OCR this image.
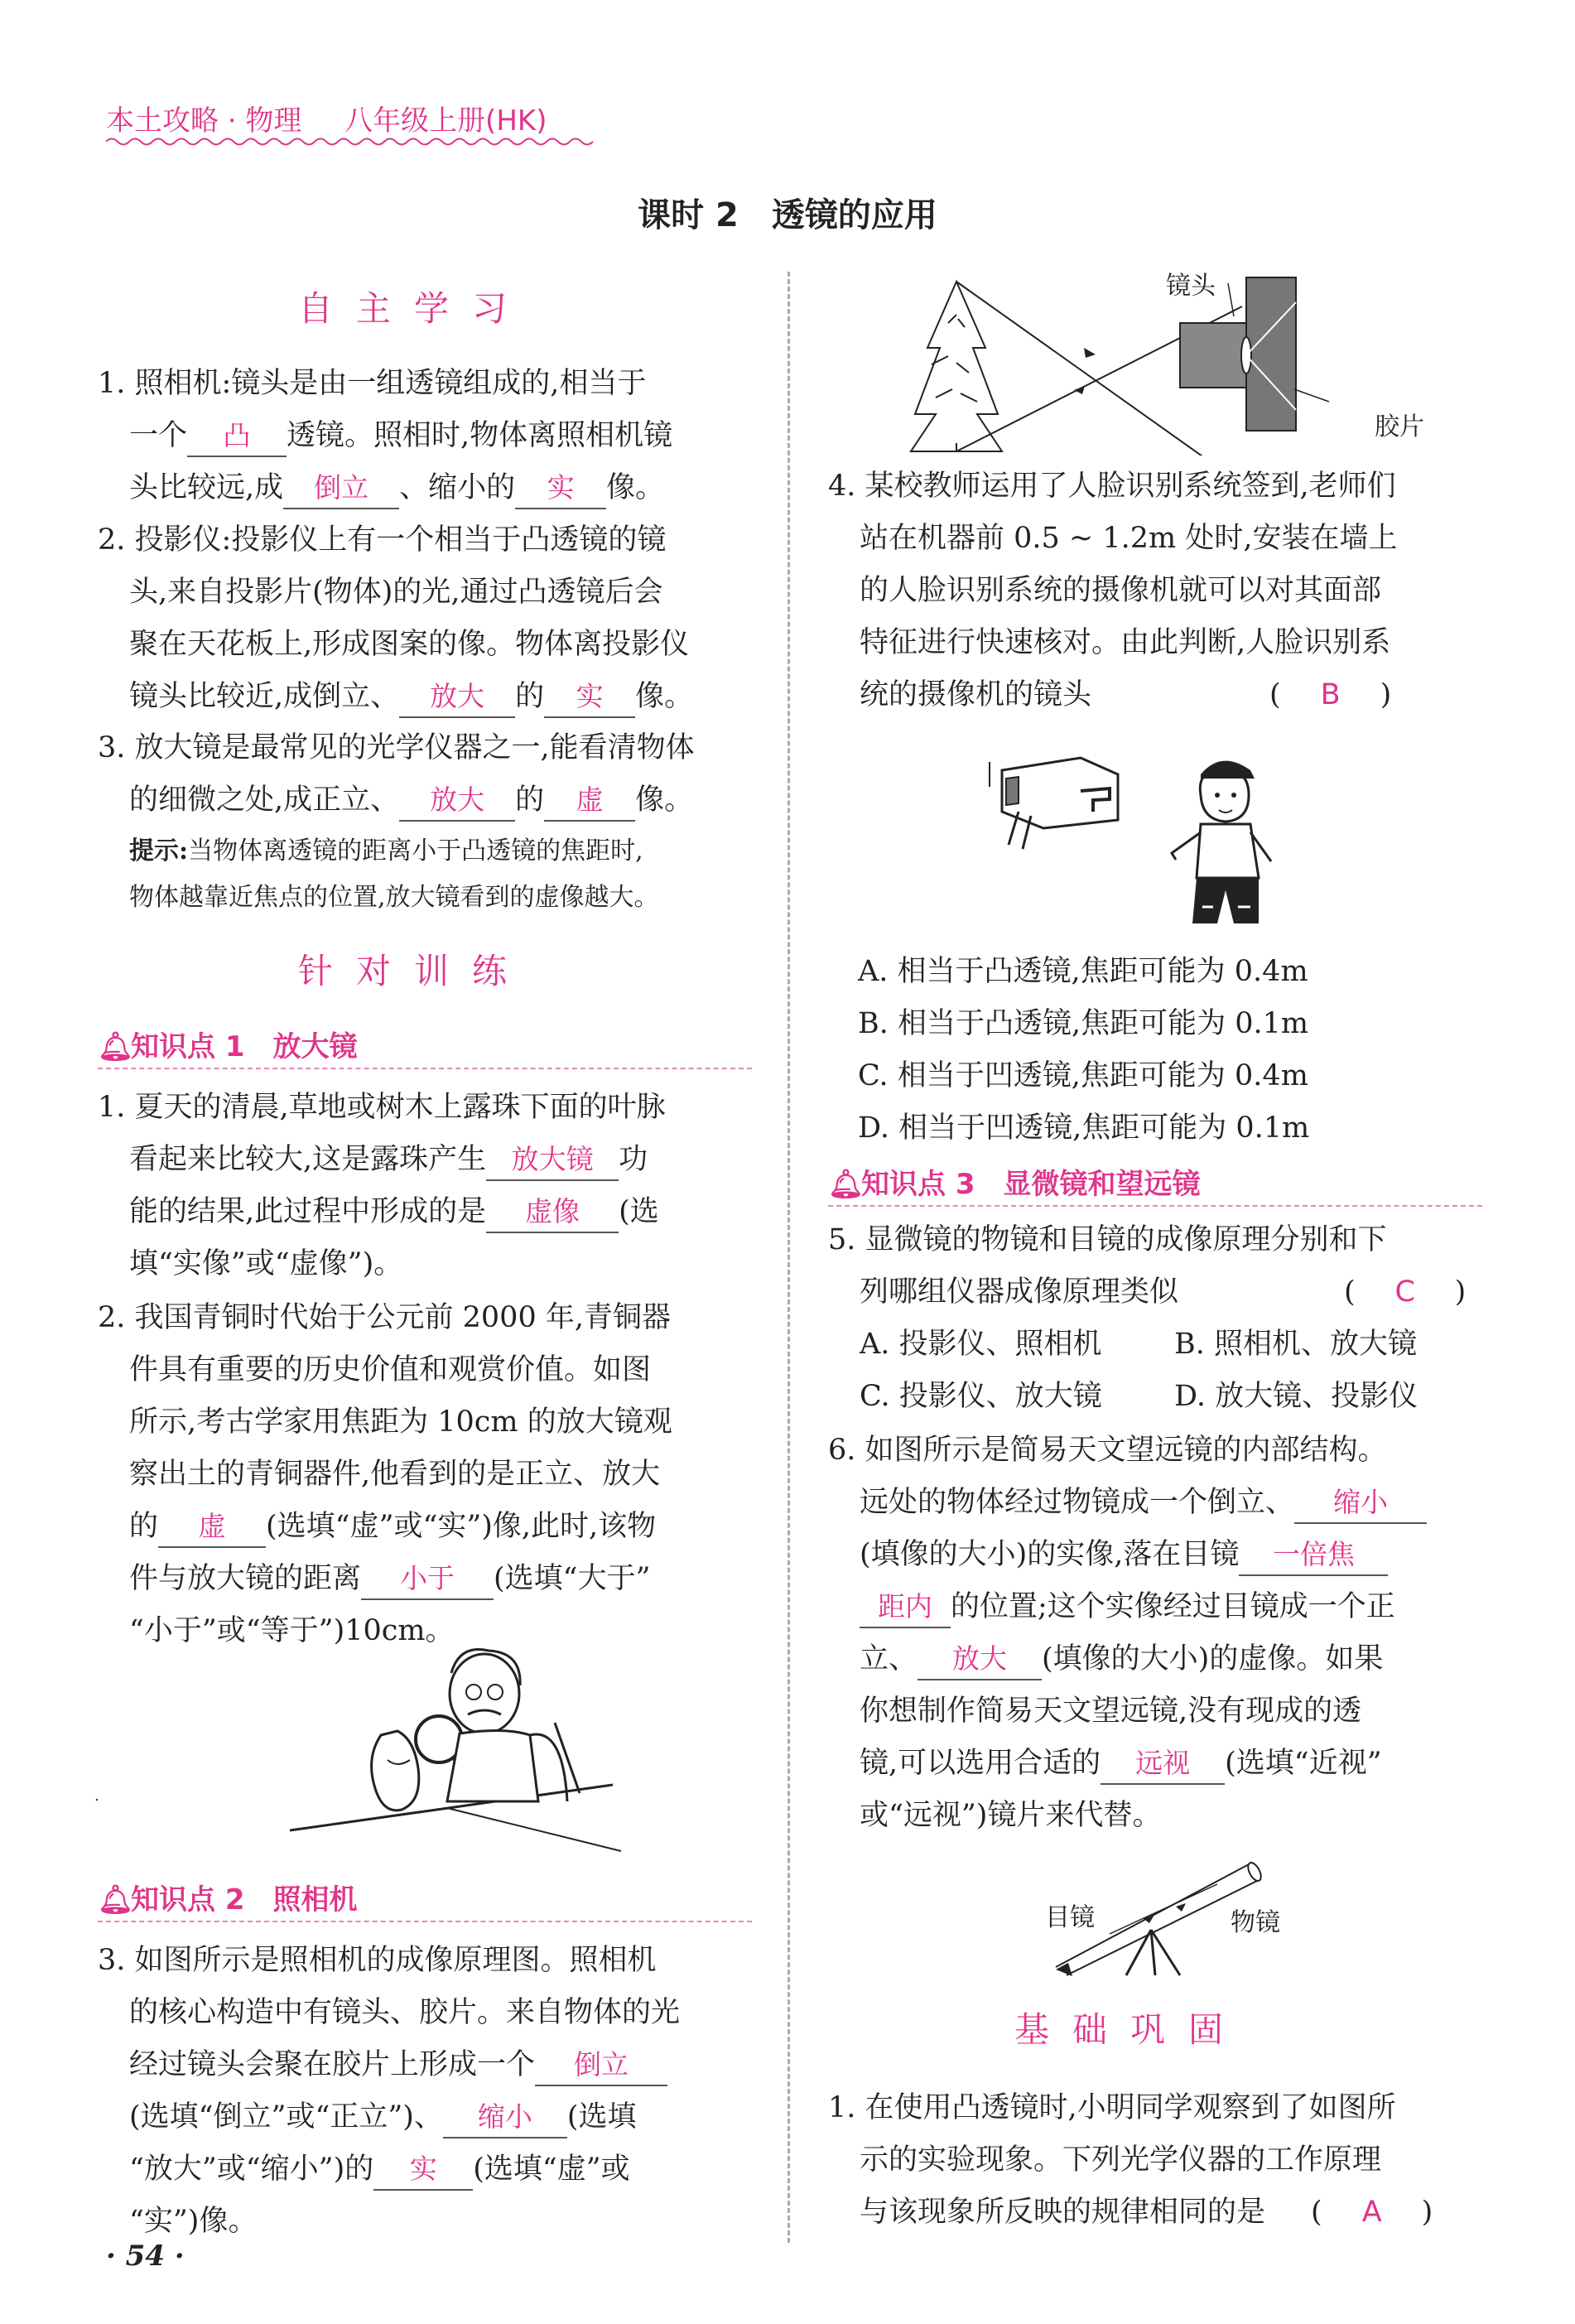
本土攻略 · 物理 八年级上册(HK)
课时 2　透镜的应用
自主学习
1. 照相机:镜头是由一组透镜组成的,相当于
一个 凸 透镜。照相时,物体离照相机镜
头比较远,成 倒立 、缩小的 实 像。
2. 投影仪:投影仪上有一个相当于凸透镜的镜
头,来自投影片(物体)的光,通过凸透镜后会
聚在天花板上,形成图案的像。物体离投影仪
镜头比较近,成倒立、 放大 的 实 像。
3. 放大镜是最常见的光学仪器之一,能看清物体
的细微之处,成正立、 放大 的 虚 像。
提示:当物体离透镜的距离小于凸透镜的焦距时,
物体越靠近焦点的位置,放大镜看到的虚像越大。
针对训练
🔔︎知识点 1　放大镜
1. 夏天的清晨,草地或树木上露珠下面的叶脉
看起来比较大,这是露珠产生 放大镜 功
能的结果,此过程中形成的是 虚像 (选
填“实像”或“虚像”)。
2. 我国青铜时代始于公元前 2000 年,青铜器
件具有重要的历史价值和观赏价值。如图
所示,考古学家用焦距为 10cm 的放大镜观
察出土的青铜器件,他看到的是正立、放大
的 虚 (选填“虚”或“实”)像,此时,该物
件与放大镜的距离 小于 (选填“大于”
“小于”或“等于”)10cm。
.
🔔︎知识点 2　照相机
3. 如图所示是照相机的成像原理图。照相机
的核心构造中有镜头、胶片。来自物体的光
经过镜头会聚在胶片上形成一个 倒立
(选填“倒立”或“正立”)、 缩小 (选填
“放大”或“缩小”)的 实 (选填“虚”或
“实”)像。
· 54 ·
镜头
胶片
4. 某校教师运用了人脸识别系统签到,老师们
站在机器前 0.5 ~ 1.2m 处时,安装在墙上
的人脸识别系统的摄像机就可以对其面部
特征进行快速核对。由此判断,人脸识别系
统的摄像机的镜头	( B )
A. 相当于凸透镜,焦距可能为 0.4m
B. 相当于凸透镜,焦距可能为 0.1m
C. 相当于凹透镜,焦距可能为 0.4m
D. 相当于凹透镜,焦距可能为 0.1m
🔔︎知识点 3　显微镜和望远镜
5. 显微镜的物镜和目镜的成像原理分别和下
列哪组仪器成像原理类似	( C )
A. 投影仪、照相机 B. 照相机、放大镜
C. 投影仪、放大镜 D. 放大镜、投影仪
6. 如图所示是简易天文望远镜的内部结构。
远处的物体经过物镜成一个倒立、 缩小
(填像的大小)的实像,落在目镜 一倍焦
距内 的位置;这个实像经过目镜成一个正
立、 放大 (填像的大小)的虚像。如果
你想制作简易天文望远镜,没有现成的透
镜,可以选用合适的 远视 (选填“近视”
或“远视”)镜片来代替。
目镜	物镜
基础巩固
1. 在使用凸透镜时,小明同学观察到了如图所
示的实验现象。下列光学仪器的工作原理
与该现象所反映的规律相同的是 ( A )
